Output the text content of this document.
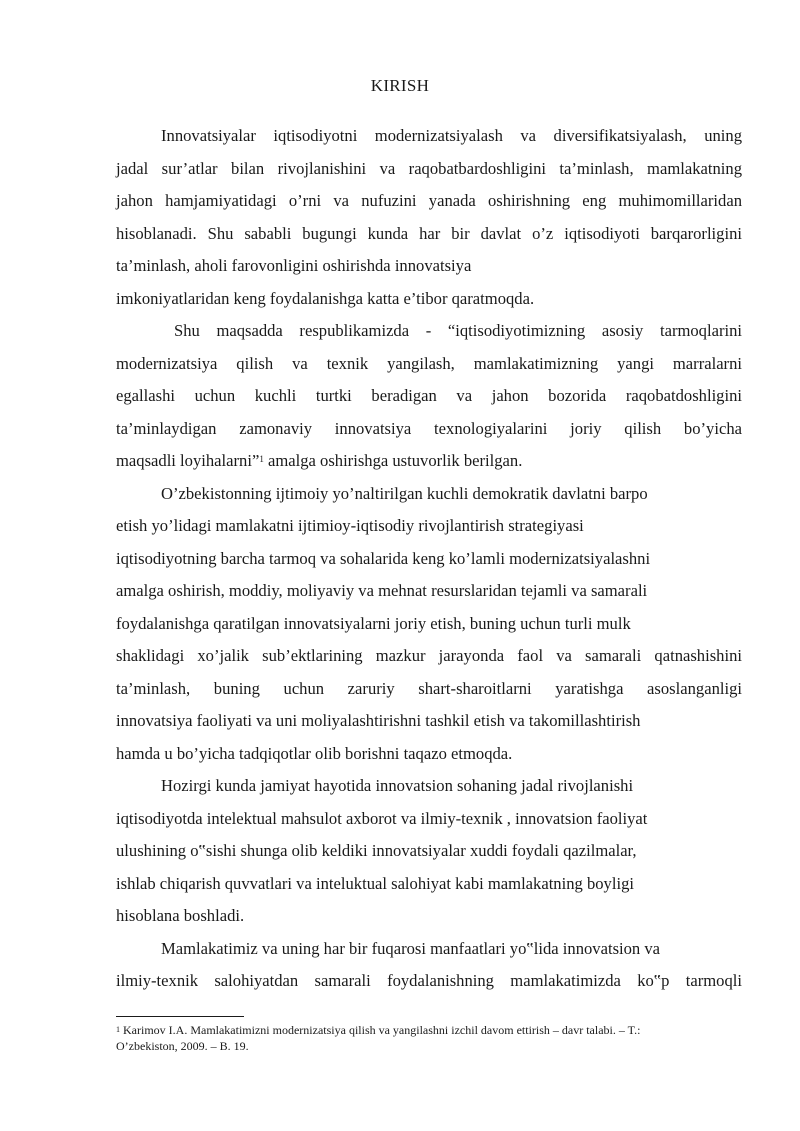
KIRISH
Innovatsiyalar iqtisodiyotni modernizatsiyalash va diversifikatsiyalash, uning
jadal sur’atlar bilan rivojlanishini va raqobatbardoshligini ta’minlash, mamlakatning
jahon hamjamiyatidagi o’rni va nufuzini yanada oshirishning eng muhimomillaridan
hisoblanadi. Shu sababli bugungi kunda har bir davlat o’z iqtisodiyoti barqarorligini
ta’minlash, aholi farovonligini oshirishda innovatsiya
imkoniyatlaridan keng foydalanishga katta e’tibor qaratmoqda.
Shu maqsadda respublikamizda - “iqtisodiyotimizning asosiy tarmoqlarini
modernizatsiya qilish va texnik yangilash, mamlakatimizning yangi marralarni
egallashi uchun kuchli turtki beradigan va jahon bozorida raqobatdoshligini
ta’minlaydigan zamonaviy innovatsiya texnologiyalarini joriy qilish bo’yicha
maqsadli loyihalarni”$^1$ amalga oshirishga ustuvorlik berilgan.
O’zbekistonning ijtimoiy yo’naltirilgan kuchli demokratik davlatni barpo
etish yo’lidagi mamlakatni ijtimioy-iqtisodiy rivojlantirish strategiyasi
iqtisodiyotning barcha tarmoq va sohalarida keng ko’lamli modernizatsiyalashni
amalga oshirish, moddiy, moliyaviy va mehnat resurslaridan tejamli va samarali
foydalanishga qaratilgan innovatsiyalarni joriy etish, buning uchun turli mulk
shaklidagi xo’jalik sub’ektlarining mazkur jarayonda faol va samarali qatnashishini
ta’minlash, buning uchun zaruriy shart-sharoitlarni yaratishga asoslanganligi
innovatsiya faoliyati va uni moliyalashtirishni tashkil etish va takomillashtirish
hamda u bo’yicha tadqiqotlar olib borishni taqazo etmoqda.
Hozirgi kunda jamiyat hayotida innovatsion sohaning jadal rivojlanishi
iqtisodiyotda intelektual mahsulot axborot va ilmiy-texnik , innovatsion faoliyat
ulushining o‟sishi shunga olib keldiki innovatsiyalar xuddi foydali qazilmalar,
ishlab chiqarish quvvatlari va inteluktual salohiyat kabi mamlakatning boyligi
hisoblana boshladi.
Mamlakatimiz va uning har bir fuqarosi manfaatlari yo‟lida innovatsion va
ilmiy-texnik salohiyatdan samarali foydalanishning mamlakatimizda ko‟p tarmoqli
$^1$ Karimov I.A. Mamlakatimizni modernizatsiya qilish va yangilashni izchil davom ettirish – davr talabi. – T.:
O’zbekiston, 2009. – B. 19.
